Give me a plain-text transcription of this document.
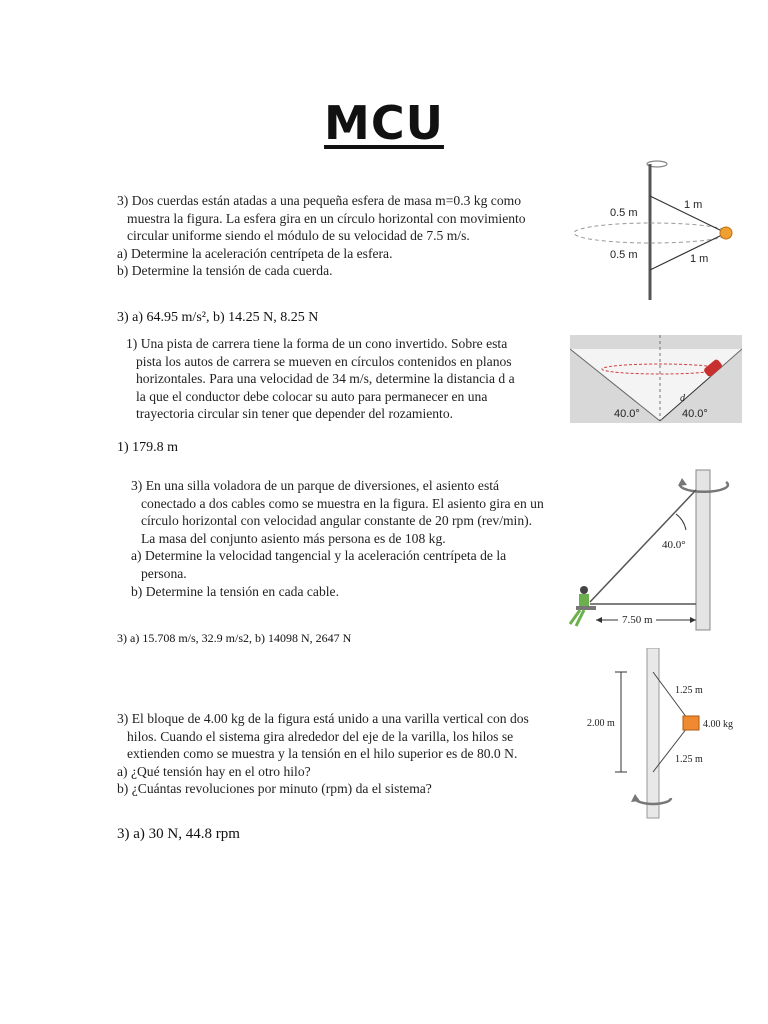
MCU

3) Dos cuerdas están atadas a una pequeña esfera de masa m=0.3 kg como

muestra la figura. La esfera gira en un círculo horizontal con movimiento

circular uniforme siendo el módulo de su velocidad de 7.5 m/s.

a) Determine la aceleración centrípeta de la esfera.

b) Determine la tensión de cada cuerda.

3) a) 64.95 m/s², b) 14.25 N, 8.25 N
0.5 m
0.5 m
1 m
1 m

1) Una pista de carrera tiene la forma de un cono invertido. Sobre esta

pista los autos de carrera se mueven en círculos contenidos en planos

horizontales. Para una velocidad de 34 m/s, determine la distancia d a

la que el conductor debe colocar su auto para permanecer en una

trayectoria circular sin tener que depender del rozamiento.

1) 179.8 m
d
40.0°	40.0°

3) En una silla voladora de un parque de diversiones, el asiento está

conectado a dos cables como se muestra en la figura. El asiento gira en un

círculo horizontal con velocidad angular constante de 20 rpm (rev/min).

La masa del conjunto asiento más persona es de 108 kg.

a) Determine la velocidad tangencial y la aceleración centrípeta de la

persona.

b) Determine la tensión en cada cable.

3) a) 15.708 m/s, 32.9 m/s2, b) 14098 N, 2647 N
40.0°
7.50 m

3) El bloque de 4.00 kg de la figura está unido a una varilla vertical con dos

hilos. Cuando el sistema gira alrededor del eje de la varilla, los hilos se

extienden como se muestra y la tensión en el hilo superior es de 80.0 N.

a) ¿Qué tensión hay en el otro hilo?

b) ¿Cuántas revoluciones por minuto (rpm) da el sistema?

3) a) 30 N, 44.8 rpm
2.00 m
1.25 m
1.25 m
4.00 kg
